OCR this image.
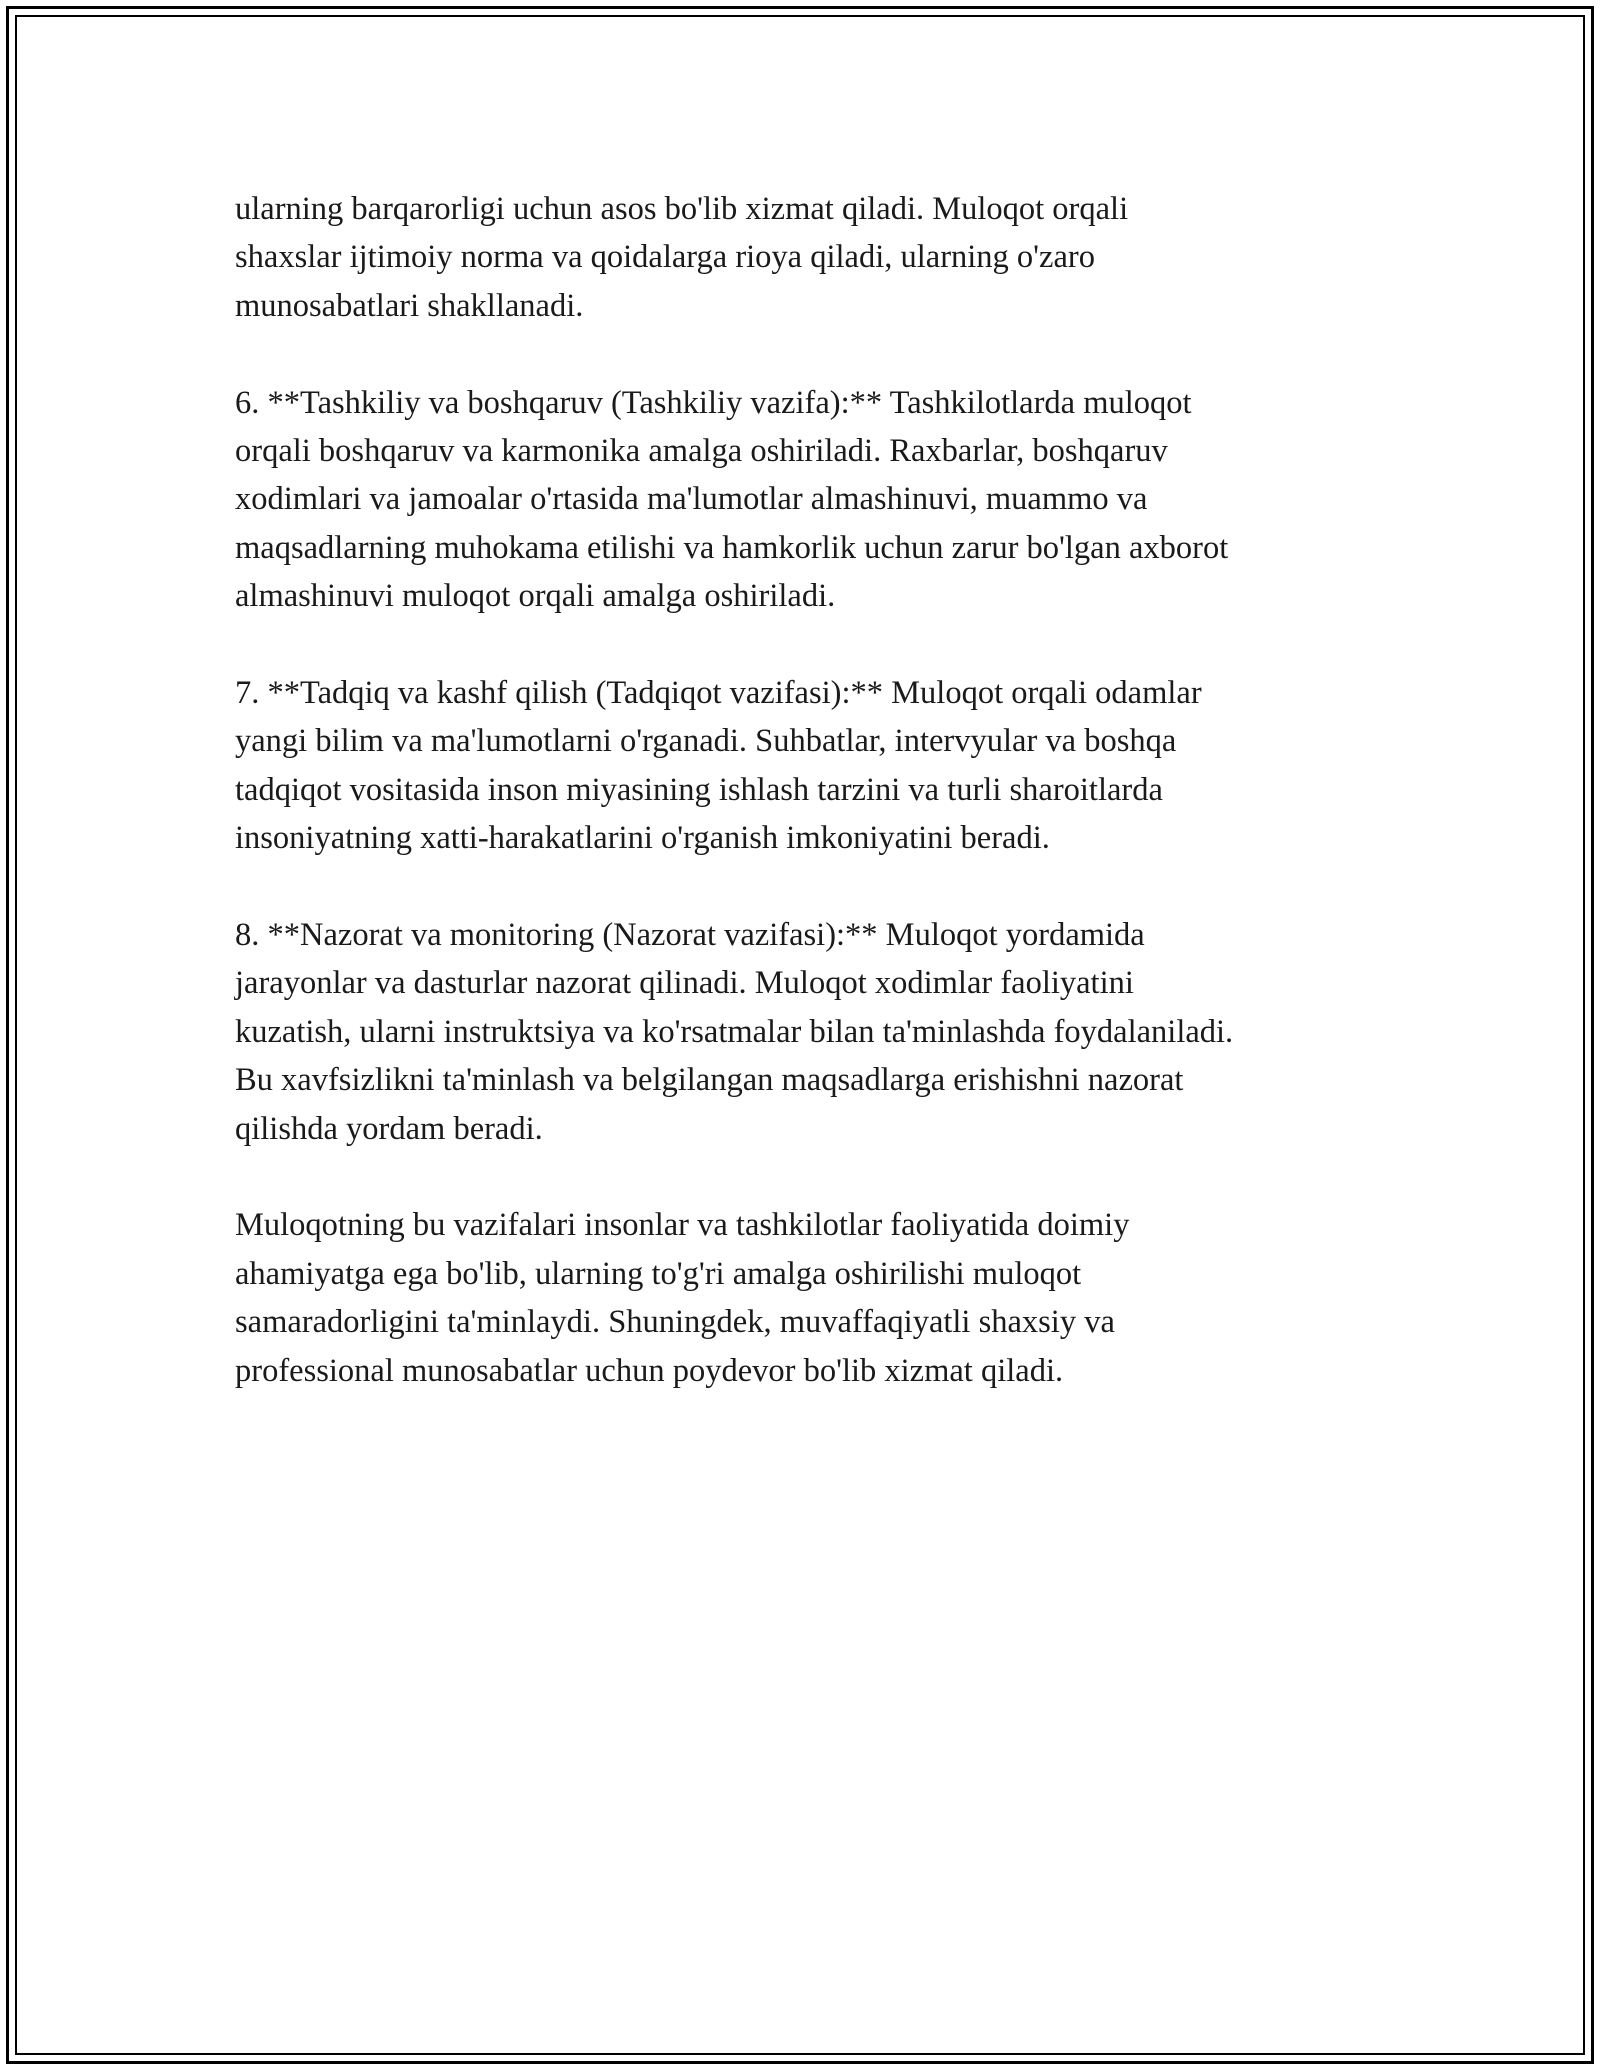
ularning barqarorligi uchun asos bo'lib xizmat qiladi. Muloqot orqali
shaxslar ijtimoiy norma va qoidalarga rioya qiladi, ularning o'zaro
munosabatlari shakllanadi.
6. **Tashkiliy va boshqaruv (Tashkiliy vazifa):** Tashkilotlarda muloqot
orqali boshqaruv va karmonika amalga oshiriladi. Raxbarlar, boshqaruv
xodimlari va jamoalar o'rtasida ma'lumotlar almashinuvi, muammo va
maqsadlarning muhokama etilishi va hamkorlik uchun zarur bo'lgan axborot
almashinuvi muloqot orqali amalga oshiriladi.
7. **Tadqiq va kashf qilish (Tadqiqot vazifasi):** Muloqot orqali odamlar
yangi bilim va ma'lumotlarni o'rganadi. Suhbatlar, intervyular va boshqa
tadqiqot vositasida inson miyasining ishlash tarzini va turli sharoitlarda
insoniyatning xatti-harakatlarini o'rganish imkoniyatini beradi.
8. **Nazorat va monitoring (Nazorat vazifasi):** Muloqot yordamida
jarayonlar va dasturlar nazorat qilinadi. Muloqot xodimlar faoliyatini
kuzatish, ularni instruktsiya va ko'rsatmalar bilan ta'minlashda foydalaniladi.
Bu xavfsizlikni ta'minlash va belgilangan maqsadlarga erishishni nazorat
qilishda yordam beradi.
Muloqotning bu vazifalari insonlar va tashkilotlar faoliyatida doimiy
ahamiyatga ega bo'lib, ularning to'g'ri amalga oshirilishi muloqot
samaradorligini ta'minlaydi. Shuningdek, muvaffaqiyatli shaxsiy va
professional munosabatlar uchun poydevor bo'lib xizmat qiladi.
